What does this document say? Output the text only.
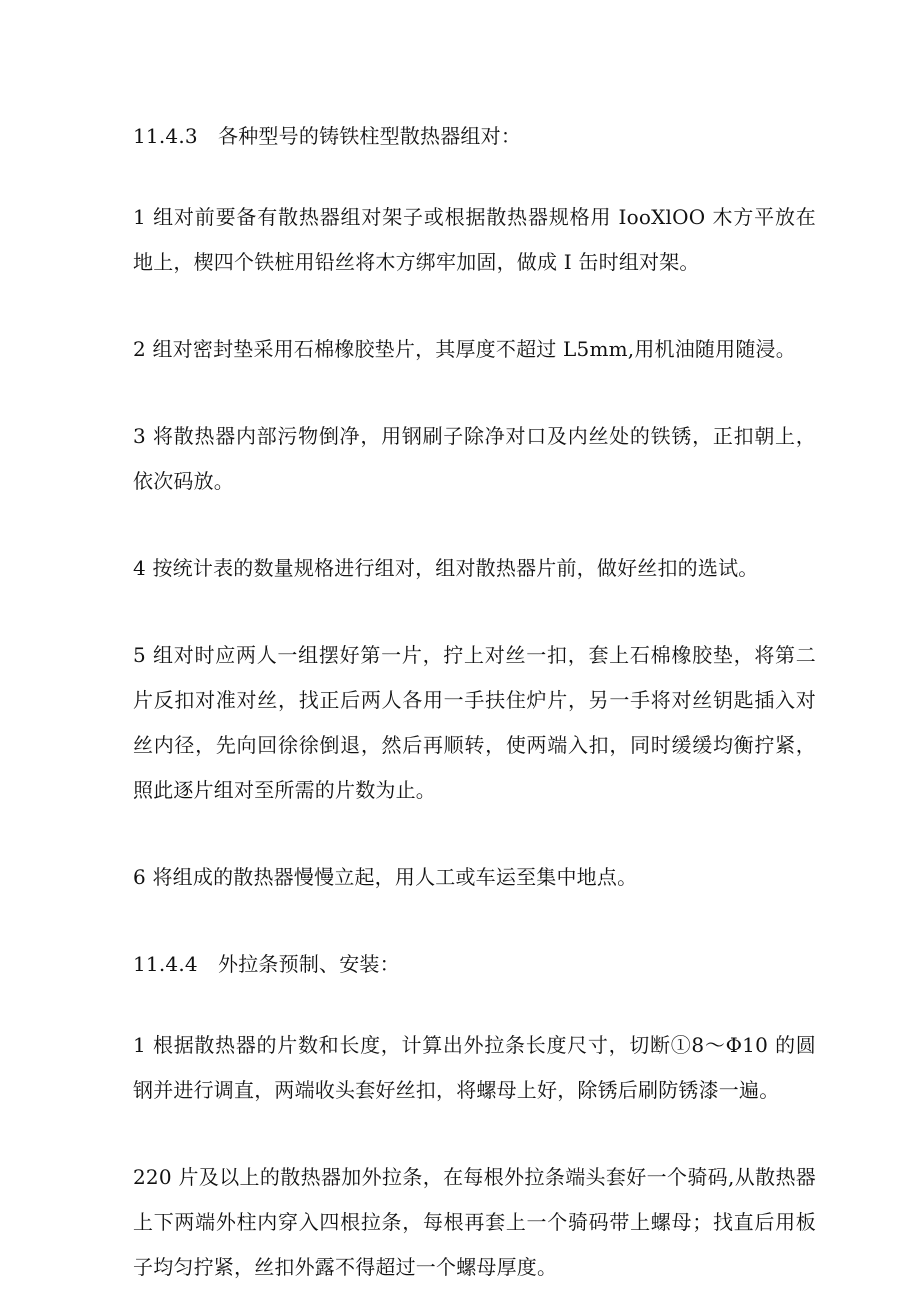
11.4.3　各种型号的铸铁柱型散热器组对：

1 组对前要备有散热器组对架子或根据散热器规格用 IooXlOO 木方平放在地上，楔四个铁桩用铅丝将木方绑牢加固，做成 I 缶时组对架。

2 组对密封垫采用石棉橡胶垫片，其厚度不超过 L5mm,用机油随用随浸。

3 将散热器内部污物倒净，用钢刷子除净对口及内丝处的铁锈，正扣朝上，依次码放。

4 按统计表的数量规格进行组对，组对散热器片前，做好丝扣的选试。

5 组对时应两人一组摆好第一片，拧上对丝一扣，套上石棉橡胶垫，将第二片反扣对准对丝，找正后两人各用一手扶住炉片，另一手将对丝钥匙插入对丝内径，先向回徐徐倒退，然后再顺转，使两端入扣，同时缓缓均衡拧紧，照此逐片组对至所需的片数为止。

6 将组成的散热器慢慢立起，用人工或车运至集中地点。

11.4.4　外拉条预制、安装：

1 根据散热器的片数和长度，计算出外拉条长度尺寸，切断①8～Φ10 的圆钢并进行调直，两端收头套好丝扣，将螺母上好，除锈后刷防锈漆一遍。

220 片及以上的散热器加外拉条，在每根外拉条端头套好一个骑码,从散热器上下两端外柱内穿入四根拉条，每根再套上一个骑码带上螺母；找直后用板子均匀拧紧，丝扣外露不得超过一个螺母厚度。
